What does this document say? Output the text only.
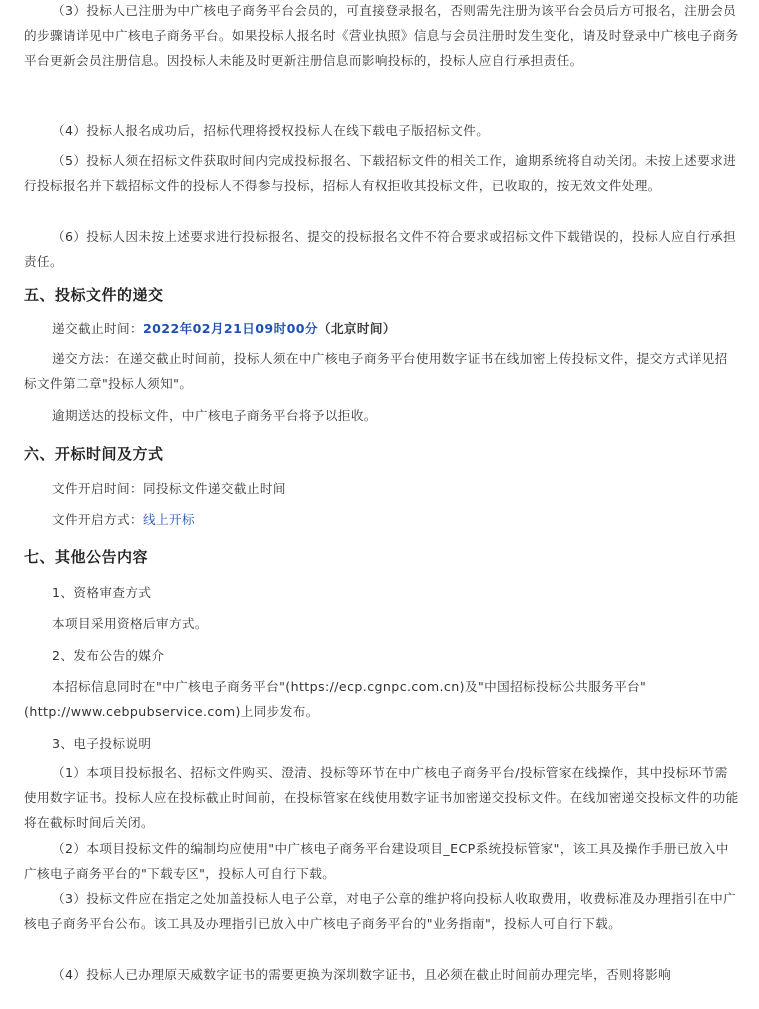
（3）投标人已注册为中广核电子商务平台会员的，可直接登录报名，否则需先注册为该平台会员后方可报名，注册会员的步骤请详见中广核电子商务平台。如果投标人报名时《营业执照》信息与会员注册时发生变化，请及时登录中广核电子商务平台更新会员注册信息。因投标人未能及时更新注册信息而影响投标的，投标人应自行承担责任。

（4）投标人报名成功后，招标代理将授权投标人在线下载电子版招标文件。

（5）投标人须在招标文件获取时间内完成投标报名、下载招标文件的相关工作，逾期系统将自动关闭。未按上述要求进行投标报名并下载招标文件的投标人不得参与投标，招标人有权拒收其投标文件，已收取的，按无效文件处理。

（6）投标人因未按上述要求进行投标报名、提交的投标报名文件不符合要求或招标文件下载错误的，投标人应自行承担责任。

五、投标文件的递交

递交截止时间：2022年02月21日09时00分（北京时间）

递交方法：在递交截止时间前，投标人须在中广核电子商务平台使用数字证书在线加密上传投标文件，提交方式详见招标文件第二章"投标人须知"。

逾期送达的投标文件，中广核电子商务平台将予以拒收。

六、开标时间及方式

文件开启时间：同投标文件递交截止时间

文件开启方式：线上开标

七、其他公告内容

1、资格审查方式

本项目采用资格后审方式。

2、发布公告的媒介

本招标信息同时在"中广核电子商务平台"(https://ecp.cgnpc.com.cn)及"中国招标投标公共服务平台"(http://www.cebpubservice.com)上同步发布。

3、电子投标说明

（1）本项目投标报名、招标文件购买、澄清、投标等环节在中广核电子商务平台/投标管家在线操作，其中投标环节需使用数字证书。投标人应在投标截止时间前，在投标管家在线使用数字证书加密递交投标文件。在线加密递交投标文件的功能将在截标时间后关闭。

（2）本项目投标文件的编制均应使用"中广核电子商务平台建设项目_ECP系统投标管家"，该工具及操作手册已放入中广核电子商务平台的"下载专区"，投标人可自行下载。

（3）投标文件应在指定之处加盖投标人电子公章，对电子公章的维护将向投标人收取费用，收费标准及办理指引在中广核电子商务平台公布。该工具及办理指引已放入中广核电子商务平台的"业务指南"，投标人可自行下载。

（4）投标人已办理原天威数字证书的需要更换为深圳数字证书，且必须在截止时间前办理完毕，否则将影响
